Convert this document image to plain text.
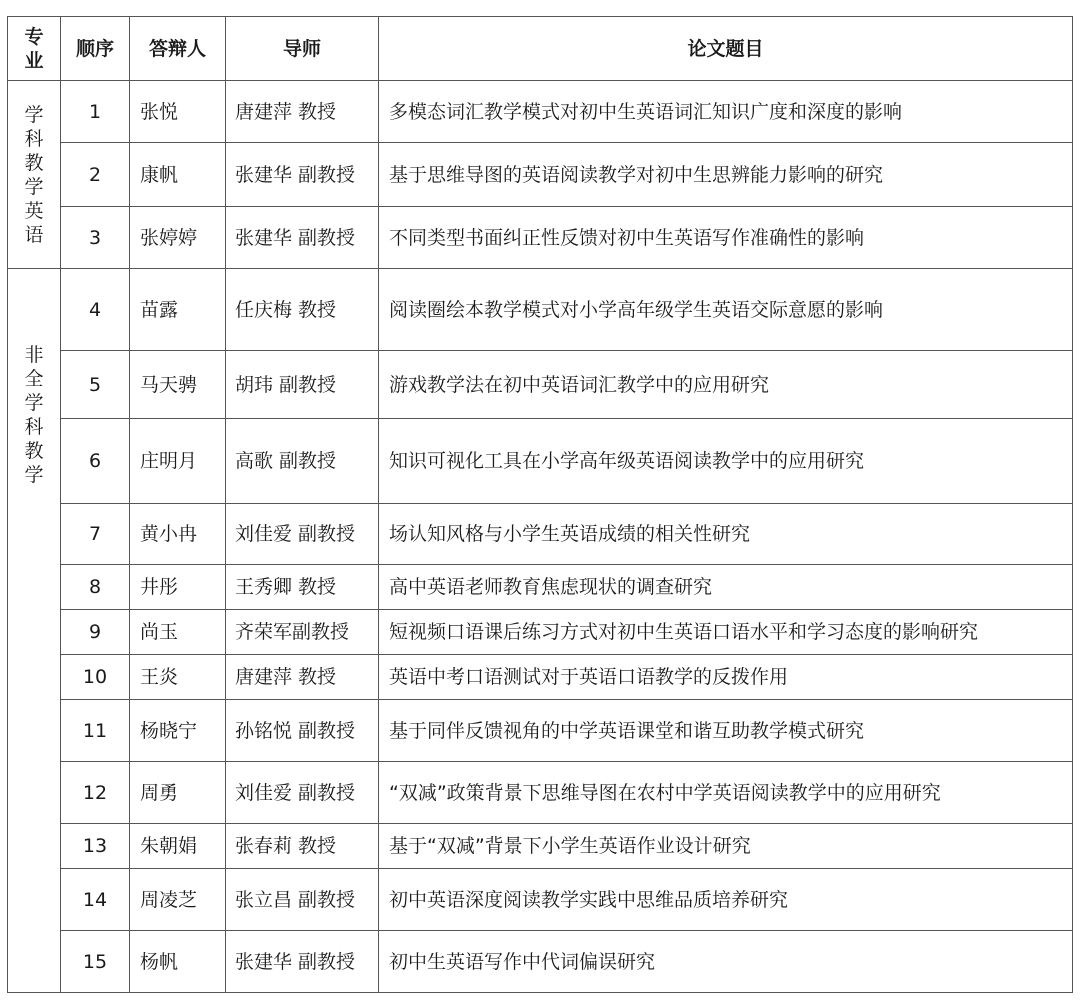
专业	顺序	答辩人	导师	论文题目

学科教学英语	1	张悦	唐建萍 教授	多模态词汇教学模式对初中生英语词汇知识广度和深度的影响
	2	康帆	张建华 副教授	基于思维导图的英语阅读教学对初中生思辨能力影响的研究
	3	张婷婷	张建华 副教授	不同类型书面纠正性反馈对初中生英语写作准确性的影响

非全学科教学	4	苗露	任庆梅 教授	阅读圈绘本教学模式对小学高年级学生英语交际意愿的影响
	5	马天骋	胡玮 副教授	游戏教学法在初中英语词汇教学中的应用研究
	6	庄明月	高歌 副教授	知识可视化工具在小学高年级英语阅读教学中的应用研究
	7	黄小冉	刘佳爱 副教授	场认知风格与小学生英语成绩的相关性研究
	8	井彤	王秀卿 教授	高中英语老师教育焦虑现状的调查研究
	9	尚玉	齐荣军副教授	短视频口语课后练习方式对初中生英语口语水平和学习态度的影响研究
	10	王炎	唐建萍 教授	英语中考口语测试对于英语口语教学的反拨作用
	11	杨晓宁	孙铭悦 副教授	基于同伴反馈视角的中学英语课堂和谐互助教学模式研究
	12	周勇	刘佳爱 副教授	“双减”政策背景下思维导图在农村中学英语阅读教学中的应用研究
	13	朱朝娟	张春莉 教授	基于“双减”背景下小学生英语作业设计研究
	14	周凌芝	张立昌 副教授	初中英语深度阅读教学实践中思维品质培养研究
	15	杨帆	张建华 副教授	初中生英语写作中代词偏误研究
